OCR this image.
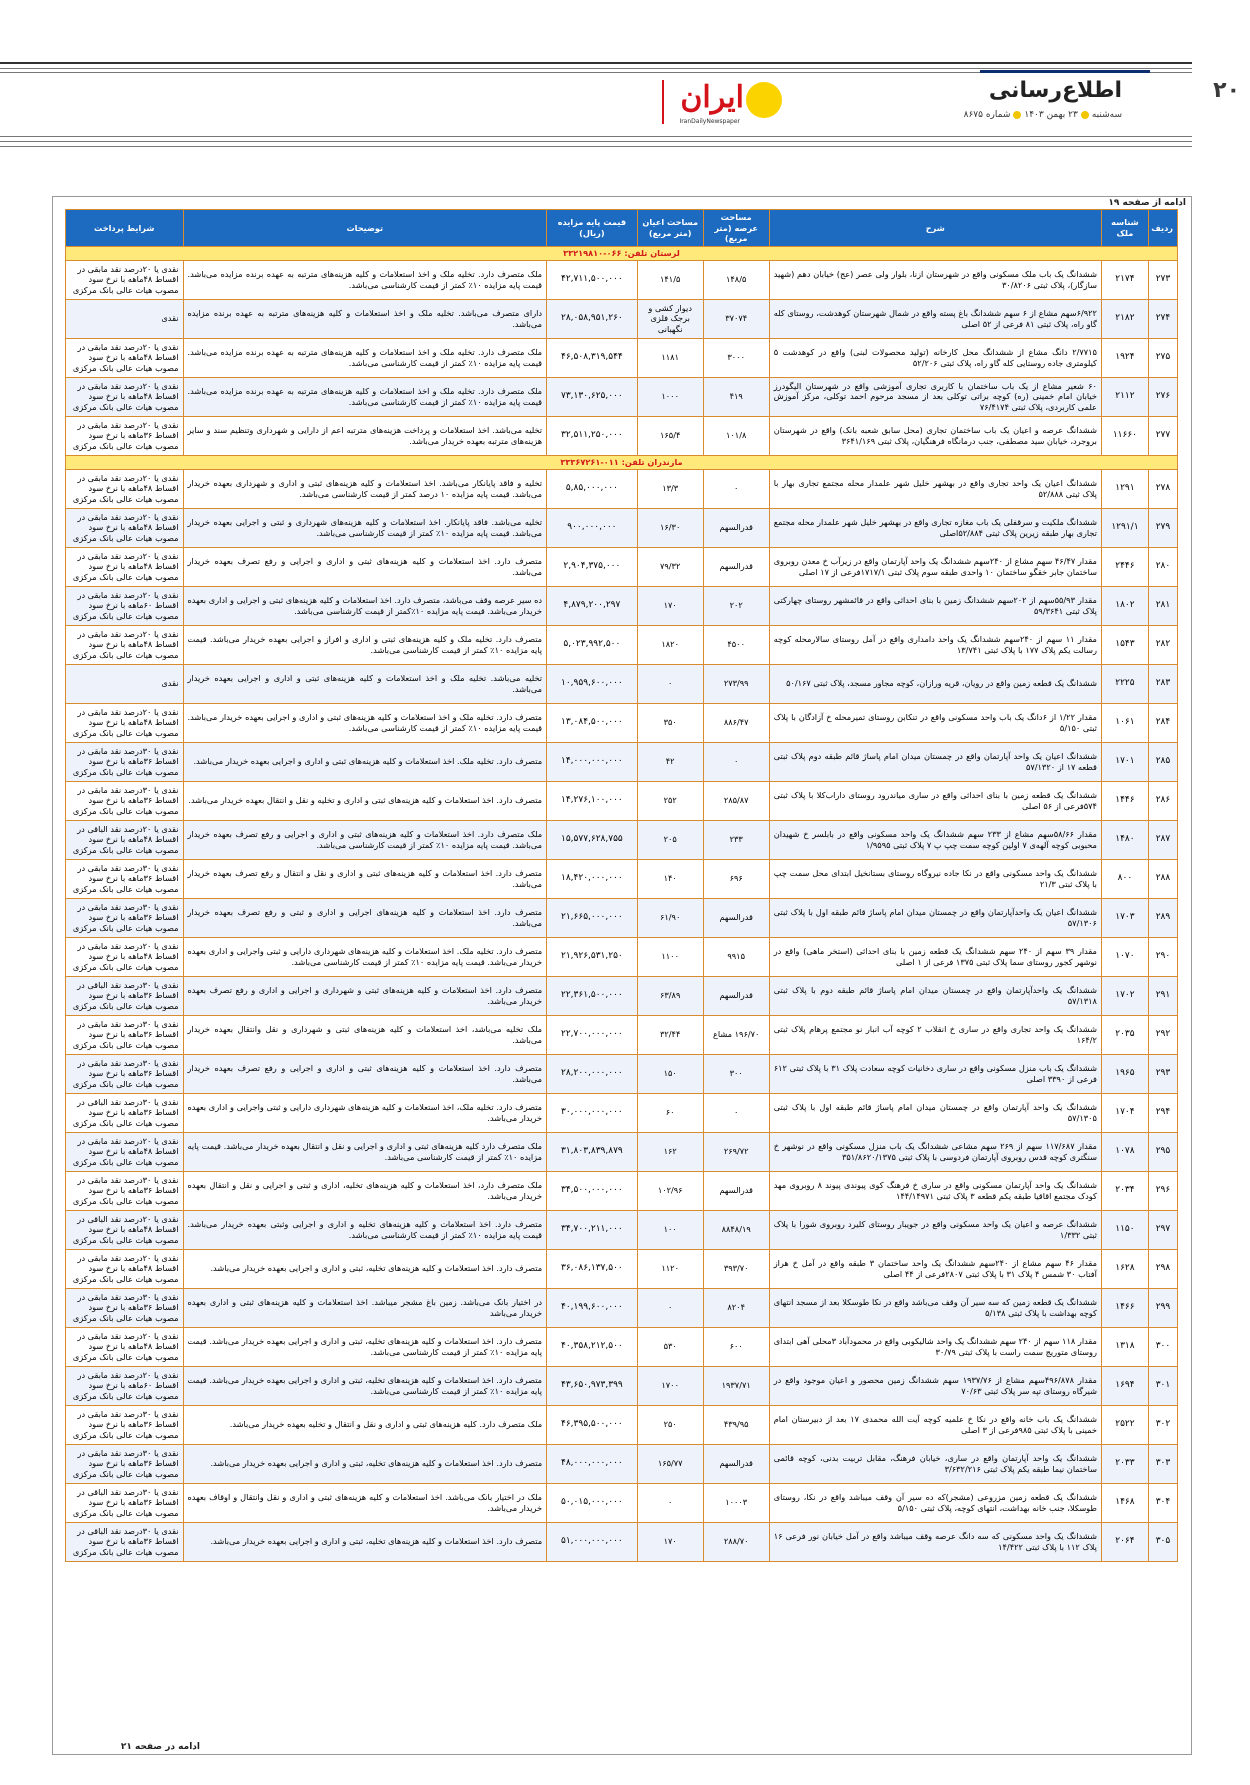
۲۰
اطلاع‌رسانی
سه‌شنبه۲۳ بهمن ۱۴۰۳شماره ۸۶۷۵
ایران
IranDailyNewspaper
ادامه از صفحه ۱۹
ردیف	شناسه ملک	شرح	مساحت عرصه (متر مربع)	مساحت اعیان (متر مربع)	قیمت پایه مزایده (ریال)	توضیحات	شرایط پرداخت
لرستان تلفن: ۰۶۶-۳۳۲۱۹۸۱۰							
۲۷۳	۲۱۷۴	ششدانگ یک باب ملک مسکونی واقع در شهرستان ازنا، بلوار ولی عصر (عج) خیابان دهم (شهید سازگار)، پلاک ثبتی ۳۰/۸۲۰۶	۱۴۸/۵	۱۴۱/۵	۴۲,۷۱۱,۵۰۰,۰۰۰	ملک متصرف دارد. تخلیه ملک و اخذ استعلامات و کلیه هزینه‌های مترتبه به عهده برنده مزایده می‌باشد. قیمت پایه مزایده ۱۰٪ کمتر از قیمت کارشناسی می‌باشد.	نقدی یا ۲۰درصد نقد مابقی در اقساط ۴۸ماهه با نرخ سود مصوب هیات عالی بانک مرکزی
۲۷۴	۲۱۸۲	۶/۹۲۲سهم مشاع از ۶ سهم ششدانگ باغ پسته واقع در شمال شهرستان کوهدشت، روستای کله گاو راه، پلاک ثبتی ۸۱ فرعی از ۵۲ اصلی	۳۷۰۷۴	دیوار کشی و برجک فلزی نگهبانی	۲۸,۰۵۸,۹۵۱,۲۶۰	دارای متصرف می‌باشد. تخلیه ملک و اخذ استعلامات و کلیه هزینه‌های مترتبه به عهده برنده مزایده می‌باشد.	نقدی
۲۷۵	۱۹۲۴	۲/۷۷۱۵ دانگ مشاع از ششدانگ محل کارخانه (تولید محصولات لبنی) واقع در کوهدشت ۵ کیلومتری جاده روستایی کله گاو راه، پلاک ثبتی ۵۲/۲۰۶	۳۰۰۰	۱۱۸۱	۴۶,۵۰۸,۳۱۹,۵۴۴	ملک متصرف دارد. تخلیه ملک و اخذ استعلامات و کلیه هزینه‌های مترتبه به عهده برنده مزایده می‌باشد. قیمت پایه مزایده ۱۰٪ کمتر از قیمت کارشناسی می‌باشد.	نقدی یا ۲۰درصد نقد مابقی در اقساط ۴۸ماهه با نرخ سود مصوب هیات عالی بانک مرکزی
۲۷۶	۲۱۱۲	۶۰ شعیر مشاع از یک باب ساختمان با کاربری تجاری آموزشی واقع در شهرستان الیگودرز خیابان امام خمینی (ره) کوچه براتی توکلی بعد از مسجد مرحوم احمد توکلی، مرکز آموزش علمی کاربردی، پلاک ثبتی ۷۶/۴۱۷۴	۴۱۹	۱۰۰۰	۷۳,۱۳۰,۶۲۵,۰۰۰	ملک متصرف دارد. تخلیه ملک و اخذ استعلامات و کلیه هزینه‌های مترتبه به عهده برنده مزایده می‌باشد. قیمت پایه مزایده ۱۰٪ کمتر از قیمت کارشناسی می‌باشد.	نقدی یا ۲۰درصد نقد مابقی در اقساط ۴۸ماهه با نرخ سود مصوب هیات عالی بانک مرکزی
۲۷۷	۱۱۶۶۰	ششدانگ عرصه و اعیان یک باب ساختمان تجاری (محل سابق شعبه بانک) واقع در شهرستان بروجرد، خیابان سید مصطفی، جنب درمانگاه فرهنگیان، پلاک ثبتی ۳۶۴۱/۱۶۹	۱۰۱/۸	۱۶۵/۴	۳۲,۵۱۱,۲۵۰,۰۰۰	تخلیه می‌باشد. اخذ استعلامات و پرداخت هزینه‌های مترتبه اعم از دارایی و شهرداری وتنظیم سند و سایر هزینه‌های مترتبه بعهده خریدار می‌باشد.	نقدی یا ۲۰درصد نقد مابقی در اقساط ۳۶ماهه با نرخ سود مصوب هیات عالی بانک مرکزی
مازندران تلفن: ۰۱۱-۳۳۳۶۷۲۶۱							
۲۷۸	۱۲۹۱	ششدانگ اعیان یک واحد تجاری واقع در بهشهر خلیل شهر علمدار محله مجتمع تجاری بهار با پلاک ثبتی ۵۲/۸۸۸	۰	۱۳/۳	۵,۸۵,۰۰۰,۰۰۰	تخلیه و فاقد پایانکار می‌باشد. اخذ استعلامات و کلیه هزینه‌های ثبتی و اداری و شهرداری بعهده خریدار می‌باشد. قیمت پایه مزایده ۱۰ درصد کمتر از قیمت کارشناسی می‌باشد.	نقدی یا ۲۰درصد نقد مابقی در اقساط ۴۸ماهه با نرخ سود مصوب هیات عالی بانک مرکزی
۲۷۹	۱۲۹۱/۱	ششدانگ ملکیت و سرقفلی یک باب مغازه تجاری واقع در بهشهر خلیل شهر علمدار محله مجتمع تجاری بهار طبقه زیرین پلاک ثبتی ۵۲/۸۸۴اصلی	قدرالسهم	۱۶/۳۰	۹۰۰,۰۰۰,۰۰۰	تخلیه می‌باشد. فاقد پایانکار. اخذ استعلامات و کلیه هزینه‌های شهرداری و ثبتی و اجرایی بعهده خریدار می‌باشد. قیمت پایه مزایده ۱۰٪ کمتر از قیمت کارشناسی می‌باشد.	نقدی یا ۲۰درصد نقد مابقی در اقساط ۴۸ماهه با نرخ سود مصوب هیات عالی بانک مرکزی
۲۸۰	۲۴۴۶	مقدار ۴۶/۴۷ سهم مشاع از ۲۴۰سهم ششدانگ یک واحد آپارتمان واقع در زیرآب خ معدن روبروی ساختمان جابر خقگو ساختمان ۱۰ واحدی طبقه سوم پلاک ثبتی ۱۷۱۷/۱فرعی از ۱۷ اصلی	قدرالسهم	۷۹/۳۲	۲,۹۰۴,۳۷۵,۰۰۰	متصرف دارد. اخذ استعلامات و کلیه هزینه‌های ثبتی و اداری و اجرایی و رفع تصرف بعهده خریدار می‌باشد.	نقدی یا ۲۰درصد نقد مابقی در اقساط ۴۸ماهه با نرخ سود مصوب هیات عالی بانک مرکزی
۲۸۱	۱۸۰۲	مقدار ۵۵/۹۳سهم از ۲۰۲سهم ششدانگ زمین با بنای احداثی واقع در قائمشهر روستای چهارکتی پلاک ثبتی ۵۹/۳۶۴۱	۲۰۲	۱۷۰	۴,۸۷۹,۲۰۰,۲۹۷	ده سیر عرصه وقف می‌باشد، متصرف دارد. اخذ استعلامات و کلیه هزینه‌های ثبتی و اجرایی و اداری بعهده خریدار می‌باشد. قیمت پایه مزایده ۱۰٪کمتر از قیمت کارشناسی می‌باشد.	نقدی یا ۲۰درصد نقد مابقی در اقساط ۶۰ماهه با نرخ سود مصوب هیات عالی بانک مرکزی
۲۸۲	۱۵۴۳	مقدار ۱۱ سهم از ۲۴۰سهم ششدانگ یک واحد دامداری واقع در آمل روستای سالارمحله کوچه رسالت یکم پلاک ۱۷۷ با پلاک ثبتی ۱۳/۷۴۱	۴۵۰۰	۱۸۲۰	۵,۰۲۳,۹۹۲,۵۰۰	متصرف دارد. تخلیه ملک و کلیه هزینه‌های ثبتی و اداری و افراز و اجرایی بعهده خریدار می‌باشد. قیمت پایه مزایده ۱۰٪ کمتر از قیمت کارشناسی می‌باشد.	نقدی یا ۲۰درصد نقد مابقی در اقساط ۴۸ماهه با نرخ سود مصوب هیات عالی بانک مرکزی
۲۸۳	۲۲۲۵	ششدانگ یک قطعه زمین واقع در رویان، قریه ورازان، کوچه مجاور مسجد، پلاک ثبتی ۵۰/۱۶۷	۲۷۳/۹۹	۰	۱۰,۹۵۹,۶۰۰,۰۰۰	تخلیه می‌باشد. تخلیه ملک و اخذ استعلامات و کلیه هزینه‌های ثبتی و اداری و اجرایی بعهده خریدار می‌باشد.	نقدی
۲۸۴	۱۰۶۱	مقدار ۱/۲۲ از ۶دانگ یک باب واحد مسکونی واقع در تنکابن روستای تمیرمحله خ آزادگان با پلاک ثبتی ۵/۱۵۰	۸۸۶/۴۷	۳۵۰	۱۳,۰۸۴,۵۰۰,۰۰۰	متصرف دارد. تخلیه ملک و اخذ استعلامات و کلیه هزینه‌های ثبتی و اداری و اجرایی بعهده خریدار می‌باشد. قیمت پایه مزایده ۱۰٪ کمتر از قیمت کارشناسی می‌باشد.	نقدی یا ۲۰درصد نقد مابقی در اقساط ۴۸ماهه با نرخ سود مصوب هیات عالی بانک مرکزی
۲۸۵	۱۷۰۱	ششدانگ اعیان یک واحد آپارتمان واقع در چمستان میدان امام پاساژ قائم طبقه دوم پلاک ثبتی قطعه ۱۷ از ۵۷/۱۳۲۰	۰	۴۲	۱۴,۰۰۰,۰۰۰,۰۰۰	متصرف دارد. تخلیه ملک. اخذ استعلامات و کلیه هزینه‌های ثبتی و اداری و اجرایی بعهده خریدار می‌باشد.	نقدی یا ۳۰درصد نقد مابقی در اقساط ۳۶ماهه با نرخ سود مصوب هیات عالی بانک مرکزی
۲۸۶	۱۴۴۶	ششدانگ یک قطعه زمین با بنای احداثی واقع در ساری میاندرود روستای داراب‌کلا با پلاک ثبتی ۵۷۴فرعی از ۵۶ اصلی	۲۸۵/۸۷	۲۵۲	۱۴,۲۷۶,۱۰۰,۰۰۰	متصرف دارد. اخذ استعلامات و کلیه هزینه‌های ثبتی و اداری و تخلیه و نقل و انتقال بعهده خریدار می‌باشد.	نقدی یا ۳۰درصد نقد مابقی در اقساط ۳۶ماهه با نرخ سود مصوب هیات عالی بانک مرکزی
۲۸۷	۱۴۸۰	مقدار ۵۸/۶۶سهم مشاع از ۲۳۳ سهم ششدانگ یک واحد مسکونی واقع در بابلسر خ شهیدان محبوبی کوچه آلهه‌ی ۷ اولین کوچه سمت چپ پ ۷ پلاک ثبتی ۱/۹۵۹۵	۲۳۳	۲۰۵	۱۵,۵۷۷,۶۲۸,۷۵۵	ملک متصرف دارد. اخذ استعلامات و کلیه هزینه‌های ثبتی و اداری و اجرایی و رفع تصرف بعهده خریدار می‌باشد. قیمت پایه مزایده ۱۰٪ کمتر از قیمت کارشناسی می‌باشد.	نقدی یا ۲۰درصد نقد الباقی در اقساط ۴۸ماهه با نرخ سود مصوب هیات عالی بانک مرکزی
۲۸۸	۸۰۰	ششدانگ یک واحد مسکونی واقع در نکا جاده نیروگاه روستای بستانخیل ابتدای محل سمت چپ با پلاک ثبتی ۲۱/۳	۶۹۶	۱۴۰	۱۸,۴۲۰,۰۰۰,۰۰۰	متصرف دارد. اخذ استعلامات و کلیه هزینه‌های ثبتی و اداری و نقل و انتقال و رفع تصرف بعهده خریدار می‌باشد.	نقدی یا ۳۰درصد نقد مابقی در اقساط ۳۶ماهه با نرخ سود مصوب هیات عالی بانک مرکزی
۲۸۹	۱۷۰۳	ششدانگ اعیان یک واحدآپارتمان واقع در چمستان میدان امام پاساژ قائم طبقه اول با پلاک ثبتی ۵۷/۱۳۰۶	قدرالسهم	۶۱/۹۰	۲۱,۶۶۵,۰۰۰,۰۰۰	متصرف دارد. اخذ استعلامات و کلیه هزینه‌های اجرایی و اداری و ثبتی و رفع تصرف بعهده خریدار می‌باشد.	نقدی یا ۳۰درصد نقد مابقی در اقساط ۳۶ماهه با نرخ سود مصوب هیات عالی بانک مرکزی
۲۹۰	۱۰۷۰	مقدار ۳۹ سهم از ۲۴۰ سهم ششدانگ یک قطعه زمین با بنای احداثی (استخر ماهی) واقع در نوشهر کجور روستای سما پلاک ثبتی ۱۳۷۵ فرعی از ۱ اصلی	۹۹۱۵	۱۱۰۰	۲۱,۹۲۶,۵۳۱,۲۵۰	متصرف دارد. تخلیه ملک. اخذ استعلامات و کلیه هزینه‌های شهرداری دارایی و ثبتی واجرایی و اداری بعهده خریدار می‌باشد. قیمت پایه مزایده ۱۰٪ کمتر از قیمت کارشناسی می‌باشد.	نقدی یا ۲۰درصد نقد مابقی در اقساط ۴۸ماهه با نرخ سود مصوب هیات عالی بانک مرکزی
۲۹۱	۱۷۰۲	ششدانگ یک واحدآپارتمان واقع در چمستان میدان امام پاساژ قائم طبقه دوم با پلاک ثبتی ۵۷/۱۳۱۸	قدرالسهم	۶۳/۸۹	۲۲,۳۶۱,۵۰۰,۰۰۰	متصرف دارد. اخذ استعلامات و کلیه هزینه‌های ثبتی و شهرداری و اجرایی و اداری و رفع تصرف بعهده خریدار می‌باشد.	نقدی یا ۳۰درصد نقد الباقی در اقساط ۳۶ماهه با نرخ سود مصوب هیات عالی بانک مرکزی
۲۹۲	۲۰۳۵	ششدانگ یک واحد تجاری واقع در ساری خ انقلاب ۲ کوچه آب انبار نو مجتمع پرهام پلاک ثبتی ۱۶۴/۲	۱۹۶/۷۰ مشاع	۳۲/۴۴	۲۲,۷۰۰,۰۰۰,۰۰۰	ملک تخلیه می‌باشد، اخذ استعلامات و کلیه هزینه‌های ثبتی و شهرداری و نقل وانتقال بعهده خریدار می‌باشد.	نقدی یا ۳۰درصد نقد مابقی در اقساط ۳۶ماهه با نرخ سود مصوب هیات عالی بانک مرکزی
۲۹۳	۱۹۶۵	ششدانگ یک باب منزل مسکونی واقع در ساری دخانیات کوچه سعادت پلاک ۳۱ با پلاک ثبتی ۶۱۲ فرعی از ۳۳۹۰ اصلی	۳۰۰	۱۵۰	۲۸,۲۰۰,۰۰۰,۰۰۰	متصرف دارد. اخذ استعلامات و کلیه هزینه‌های ثبتی و اداری و اجرایی و رفع تصرف بعهده خریدار می‌باشد.	نقدی یا ۳۰درصد نقد مابقی در اقساط ۳۶ماهه با نرخ سود مصوب هیات عالی بانک مرکزی
۲۹۴	۱۷۰۴	ششدانگ یک واحد آپارتمان واقع در چمستان میدان امام پاساژ قائم طبقه اول با پلاک ثبتی ۵۷/۱۳۰۵	۰	۶۰	۳۰,۰۰۰,۰۰۰,۰۰۰	متصرف دارد. تخلیه ملک، اخذ استعلامات و کلیه هزینه‌های شهرداری دارایی و ثبتی واجرایی و اداری بعهده خریدار می‌باشد.	نقدی یا ۳۰درصد نقد الباقی در اقساط ۳۶ماهه با نرخ سود مصوب هیات عالی بانک مرکزی
۲۹۵	۱۰۷۸	مقدار ۱۱۷/۶۸۷ سهم از ۲۶۹ سهم مشاعی ششدانگ یک باب منزل مسکونی واقع در نوشهر خ سنگتری کوچه قدس روبروی آپارتمان فردوسی با پلاک ثبتی ۳۵۱/۸۶۲۰/۱۳۷۵	۲۶۹/۷۲	۱۶۲	۳۱,۸۰۳,۸۳۹,۸۷۹	ملک متصرف دارد کلیه هزینه‌های ثبتی و اداری و اجرایی و نقل و انتقال بعهده خریدار می‌باشد. قیمت پایه مزایده ۱۰٪ کمتر از قیمت کارشناسی می‌باشد.	نقدی یا ۲۰درصد نقد مابقی در اقساط ۴۸ماهه با نرخ سود مصوب هیات عالی بانک مرکزی
۲۹۶	۲۰۳۴	ششدانگ یک واحد آپارتمان مسکونی واقع در ساری خ فرهنگ کوی پیوندی پیوند ۸ روبروی مهد کودک مجتمع اقاقیا طبقه یکم قطعه ۳ پلاک ثبتی ۱۴۴/۱۴۹۷۱	قدرالسهم	۱۰۲/۹۶	۳۴,۵۰۰,۰۰۰,۰۰۰	ملک متصرف دارد، اخذ استعلامات و کلیه هزینه‌های تخلیه، اداری و ثبتی و اجرایی و نقل و انتقال بعهده خریدار می‌باشد.	نقدی یا ۳۰درصد نقد مابقی در اقساط ۳۶ماهه با نرخ سود مصوب هیات عالی بانک مرکزی
۲۹۷	۱۱۵۰	ششدانگ عرصه و اعیان یک واحد مسکونی واقع در جویبار روستای کلیرد روبروی شورا با پلاک ثبتی ۱/۳۳۲	۸۸۴۸/۱۹	۱۰۰	۳۴,۷۰۰,۲۱۱,۰۰۰	متصرف دارد. اخذ استعلامات و کلیه هزینه‌های تخلیه و اداری و اجرایی وثبتی بعهده خریدار می‌باشد. قیمت پایه مزایده ۱۰٪ کمتر از قیمت کارشناسی می‌باشد.	نقدی یا ۲۰درصد نقد الباقی در اقساط ۴۸ماهه با نرخ سود مصوب هیات عالی بانک مرکزی
۲۹۸	۱۶۲۸	مقدار ۴۶ سهم مشاع از ۲۴۰سهم ششدانگ یک واحد ساختمان ۳ طبقه واقع در آمل خ هراز آفتاب ۳۰ شمس ۴ پلاک ۳۱ با پلاک ثبتی ۲۸۰۷فرعی از ۴۴ اصلی	۳۹۳/۷۰	۱۱۲۰	۳۶,۰۸۶,۱۳۷,۵۰۰	متصرف دارد. اخذ استعلامات و کلیه هزینه‌های تخلیه، ثبتی و اداری و اجرایی بعهده خریدار می‌باشد.	نقدی یا ۲۰درصد نقد مابقی در اقساط ۴۸ماهه با نرخ سود مصوب هیات عالی بانک مرکزی
۲۹۹	۱۴۶۶	ششدانگ یک قطعه زمین که سه سیر آن وقف می‌باشد واقع در نکا طوسکلا بعد از مسجد انتهای کوچه بهداشت با پلاک ثبتی ۵/۱۳۸	۸۲۰۴	۰	۴۰,۱۹۹,۶۰۰,۰۰۰	در اختیار بانک می‌باشد. زمین باغ مشجر میباشد. اخذ استعلامات و کلیه هزینه‌های ثبتی و اداری بعهده خریدار می‌باشد	نقدی یا ۳۰درصد نقد مابقی در اقساط ۳۶ماهه با نرخ سود مصوب هیات عالی بانک مرکزی
۳۰۰	۱۳۱۸	مقدار ۱۱۸ سهم از ۲۴۰ سهم ششدانگ یک واحد شالیکوبی واقع در محمودآباد ۳محلی آهی ابتدای روستای متوریج سمت راست با پلاک ثبتی ۳۰/۷۹	۶۰۰	۵۳۰	۴۰,۳۵۸,۲۱۲,۵۰۰	متصرف دارد. اخذ استعلامات و کلیه هزینه‌های تخلیه، ثبتی و اداری و اجرایی بعهده خریدار می‌باشد. قیمت پایه مزایده ۱۰٪ کمتر از قیمت کارشناسی می‌باشد.	نقدی یا ۲۰درصد نقد مابقی در اقساط ۴۸ماهه با نرخ سود مصوب هیات عالی بانک مرکزی
۳۰۱	۱۶۹۴	مقدار ۴۹۶/۸۷۸سهم مشاع از ۱۹۳۷/۷۶ سهم ششدانگ زمین محصور و اعیان موجود واقع در شیرگاه روستای تپه سر پلاک ثبتی ۷۰/۶۳	۱۹۳۷/۷۱	۱۷۰۰	۴۳,۶۵۰,۹۷۳,۳۹۹	متصرف دارد. اخذ استعلامات و کلیه هزینه‌های تخلیه، ثبتی و اداری و اجرایی بعهده خریدار می‌باشد. قیمت پایه مزایده ۱۰٪ کمتر از قیمت کارشناسی می‌باشد.	نقدی یا ۲۰درصد نقد مابقی در اقساط ۶۰ماهه با نرخ سود مصوب هیات عالی بانک مرکزی
۳۰۲	۲۵۲۲	ششدانگ یک باب خانه واقع در نکا خ علمیه کوچه آیت الله محمدی ۱۷ بعد از دبیرستان امام خمینی با پلاک ثبتی ۹۸۵فرعی از ۳ اصلی	۴۳۹/۹۵	۲۵۰	۴۶,۳۹۵,۵۰۰,۰۰۰	ملک متصرف دارد. کلیه هزینه‌های ثبتی و اداری و نقل و انتقال و تخلیه بعهده خریدار می‌باشد.	نقدی یا ۳۰درصد نقد مابقی در اقساط ۳۶ماهه با نرخ سود مصوب هیات عالی بانک مرکزی
۳۰۳	۲۰۳۳	ششدانگ یک واحد آپارتمان واقع در ساری، خیابان فرهنگ، مقابل تربیت بدنی، کوچه قائمی ساختمان نیما طبقه یکم پلاک ثبتی ۳/۶۳۲/۲۱۶	قدرالسهم	۱۶۵/۷۷	۴۸,۰۰۰,۰۰۰,۰۰۰	متصرف دارد. اخذ استعلامات و کلیه هزینه‌های تخلیه، ثبتی و اداری و اجرایی بعهده خریدار می‌باشد.	نقدی یا ۳۰درصد نقد مابقی در اقساط ۳۶ماهه با نرخ سود مصوب هیات عالی بانک مرکزی
۳۰۴	۱۴۶۸	ششدانگ یک قطعه زمین مزروعی (مشجر)که ده سیر آن وقف میباشد واقع در نکا، روستای طوسکلا، جنب خانه بهداشت، انتهای کوچه، پلاک ثبتی ۵/۱۵۰	۱۰۰۰۳	۰	۵۰,۰۱۵,۰۰۰,۰۰۰	ملک در اختیار بانک می‌باشد. اخذ استعلامات و کلیه هزینه‌های ثبتی و اداری و نقل وانتقال و اوقاف بعهده خریدار می‌باشد.	نقدی یا ۳۰درصد نقد الباقی در اقساط ۳۶ماهه با نرخ سود مصوب هیات عالی بانک مرکزی
۳۰۵	۲۰۶۴	ششدانگ یک واحد مسکونی که سه دانگ عرصه وقف میباشد واقع در آمل خیابان نور فرعی ۱۶ پلاک ۱۱۲ با پلاک ثبتی ۱۴/۴۲۲	۲۸۸/۷۰	۱۷۰	۵۱,۰۰۰,۰۰۰,۰۰۰	متصرف دارد. اخذ استعلامات و کلیه هزینه‌های تخلیه، ثبتی و اداری و اجرایی بعهده خریدار می‌باشد.	نقدی یا ۳۰درصد نقد الباقی در اقساط ۳۶ماهه با نرخ سود مصوب هیات عالی بانک مرکزی
ادامه در صفحه ۲۱
